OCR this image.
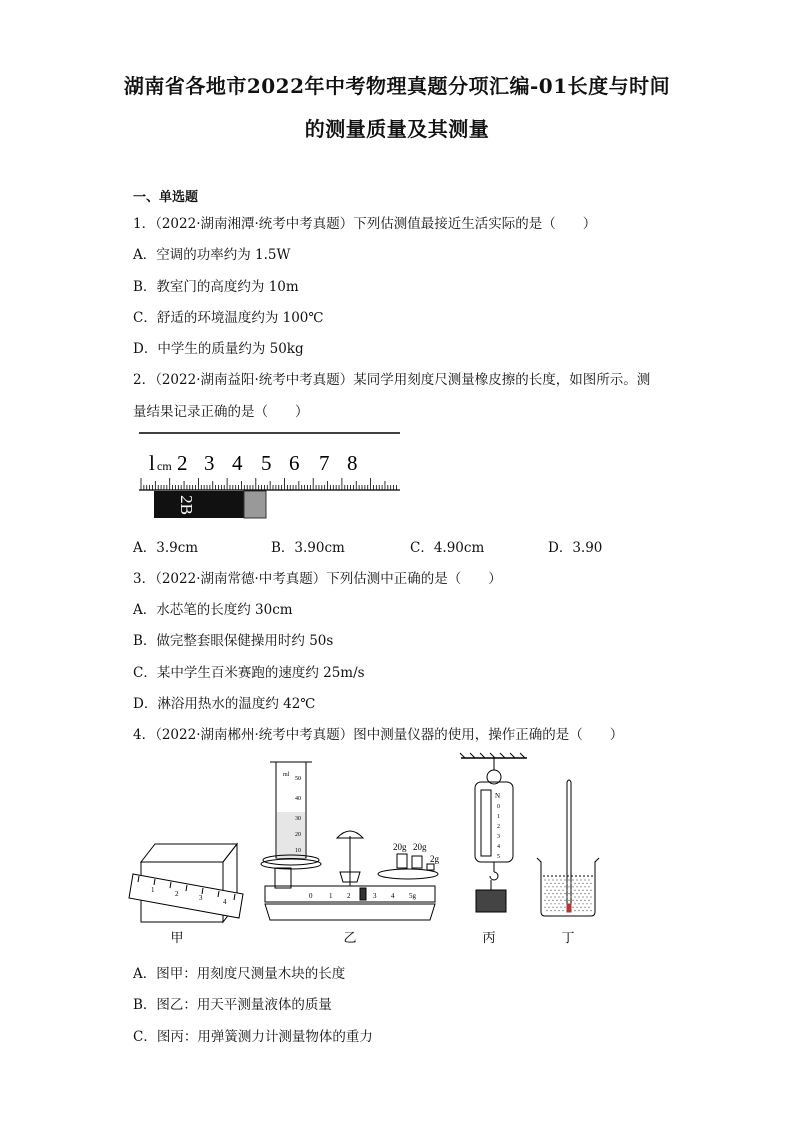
湖南省各地市2022年中考物理真题分项汇编-01长度与时间
的测量质量及其测量
一、单选题
1．（2022·湖南湘潭·统考中考真题）下列估测值最接近生活实际的是（　　）
A．空调的功率约为 1.5W
B．教室门的高度约为 10m
C．舒适的环境温度约为 100℃
D．中学生的质量约为 50kg
2．（2022·湖南益阳·统考中考真题）某同学用刻度尺测量橡皮擦的长度，如图所示。测
量结果记录正确的是（　　）
l cm 2 3 4 5 6 7 8
2B
A．3.9cm	B．3.90cm	C．4.90cm	D．3.90
3．（2022·湖南常德·中考真题）下列估测中正确的是（　　）
A．水芯笔的长度约 30cm
B．做完整套眼保健操用时约 50s
C．某中学生百米赛跑的速度约 25m/s
D．淋浴用热水的温度约 42℃
4．（2022·湖南郴州·统考中考真题）图中测量仪器的使用，操作正确的是（　　）
1	2	3	4
ml
50
40
30
20
10	20g 20g
2g
0 1 2	3 4 5g
N
0
1
2
3
4
5
甲	乙	丙	丁
A．图甲：用刻度尺测量木块的长度
B．图乙：用天平测量液体的质量
C．图丙：用弹簧测力计测量物体的重力
